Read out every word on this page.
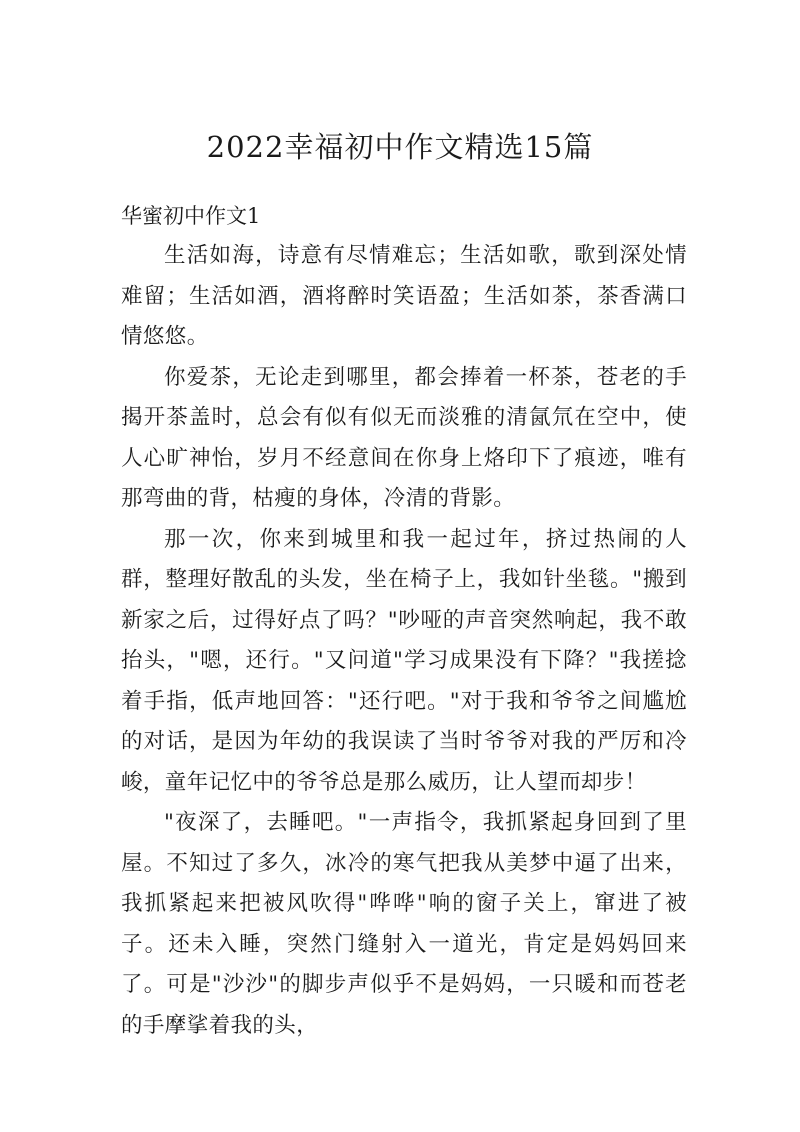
2022幸福初中作文精选15篇
华蜜初中作文1

生活如海，诗意有尽情难忘；生活如歌，歌到深处情难留；生活如酒，酒将醉时笑语盈；生活如茶，茶香满口情悠悠。

你爱茶，无论走到哪里，都会捧着一杯茶，苍老的手揭开茶盖时，总会有似有似无而淡雅的清氤氘在空中，使人心旷神怡，岁月不经意间在你身上烙印下了痕迹，唯有那弯曲的背，枯瘦的身体，冷清的背影。

那一次，你来到城里和我一起过年，挤过热闹的人群，整理好散乱的头发，坐在椅子上，我如针坐毯。"搬到新家之后，过得好点了吗？"吵哑的声音突然响起，我不敢抬头，"嗯，还行。"又问道"学习成果没有下降？"我搓捻着手指，低声地回答："还行吧。"对于我和爷爷之间尴尬的对话，是因为年幼的我误读了当时爷爷对我的严厉和冷峻，童年记忆中的爷爷总是那么威历，让人望而却步！

"夜深了，去睡吧。"一声指令，我抓紧起身回到了里屋。不知过了多久，冰冷的寒气把我从美梦中逼了出来，我抓紧起来把被风吹得"哗哗"响的窗子关上，窜进了被子。还未入睡，突然门缝射入一道光，肯定是妈妈回来了。可是"沙沙"的脚步声似乎不是妈妈，一只暖和而苍老的手摩挲着我的头，
